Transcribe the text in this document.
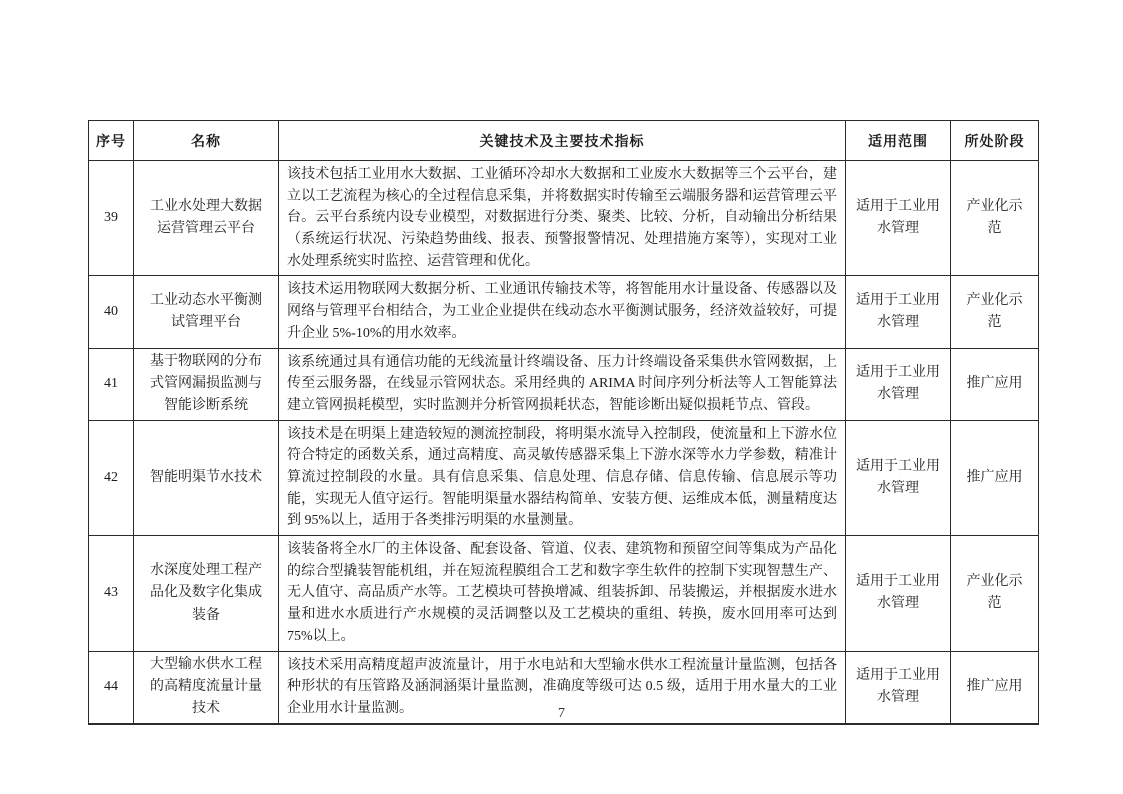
序号	名称	关键技术及主要技术指标	适用范围	所处阶段
39	工业水处理大数据运营管理云平台	该技术包括工业用水大数据、工业循环冷却水大数据和工业废水大数据等三个云平台，建立以工艺流程为核心的全过程信息采集，并将数据实时传输至云端服务器和运营管理云平台。云平台系统内设专业模型，对数据进行分类、聚类、比较、分析，自动输出分析结果（系统运行状况、污染趋势曲线、报表、预警报警情况、处理措施方案等），实现对工业水处理系统实时监控、运营管理和优化。	适用于工业用水管理	产业化示范
40	工业动态水平衡测试管理平台	该技术运用物联网大数据分析、工业通讯传输技术等，将智能用水计量设备、传感器以及网络与管理平台相结合，为工业企业提供在线动态水平衡测试服务，经济效益较好，可提升企业 5%-10%的用水效率。	适用于工业用水管理	产业化示范
41	基于物联网的分布式管网漏损监测与智能诊断系统	该系统通过具有通信功能的无线流量计终端设备、压力计终端设备采集供水管网数据，上传至云服务器，在线显示管网状态。采用经典的 ARIMA 时间序列分析法等人工智能算法建立管网损耗模型，实时监测并分析管网损耗状态，智能诊断出疑似损耗节点、管段。	适用于工业用水管理	推广应用
42	智能明渠节水技术	该技术是在明渠上建造较短的测流控制段，将明渠水流导入控制段，使流量和上下游水位符合特定的函数关系，通过高精度、高灵敏传感器采集上下游水深等水力学参数，精准计算流过控制段的水量。具有信息采集、信息处理、信息存储、信息传输、信息展示等功能，实现无人值守运行。智能明渠量水器结构简单、安装方便、运维成本低，测量精度达到 95%以上，适用于各类排污明渠的水量测量。	适用于工业用水管理	推广应用
43	水深度处理工程产品化及数字化集成装备	该装备将全水厂的主体设备、配套设备、管道、仪表、建筑物和预留空间等集成为产品化的综合型撬装智能机组，并在短流程膜组合工艺和数字孪生软件的控制下实现智慧生产、无人值守、高品质产水等。工艺模块可替换增减、组装拆卸、吊装搬运，并根据废水进水量和进水水质进行产水规模的灵活调整以及工艺模块的重组、转换，废水回用率可达到75%以上。	适用于工业用水管理	产业化示范
44	大型输水供水工程的高精度流量计量技术	该技术采用高精度超声波流量计，用于水电站和大型输水供水工程流量计量监测，包括各种形状的有压管路及涵洞涵渠计量监测，准确度等级可达 0.5 级，适用于用水量大的工业企业用水计量监测。	适用于工业用水管理	推广应用
7
